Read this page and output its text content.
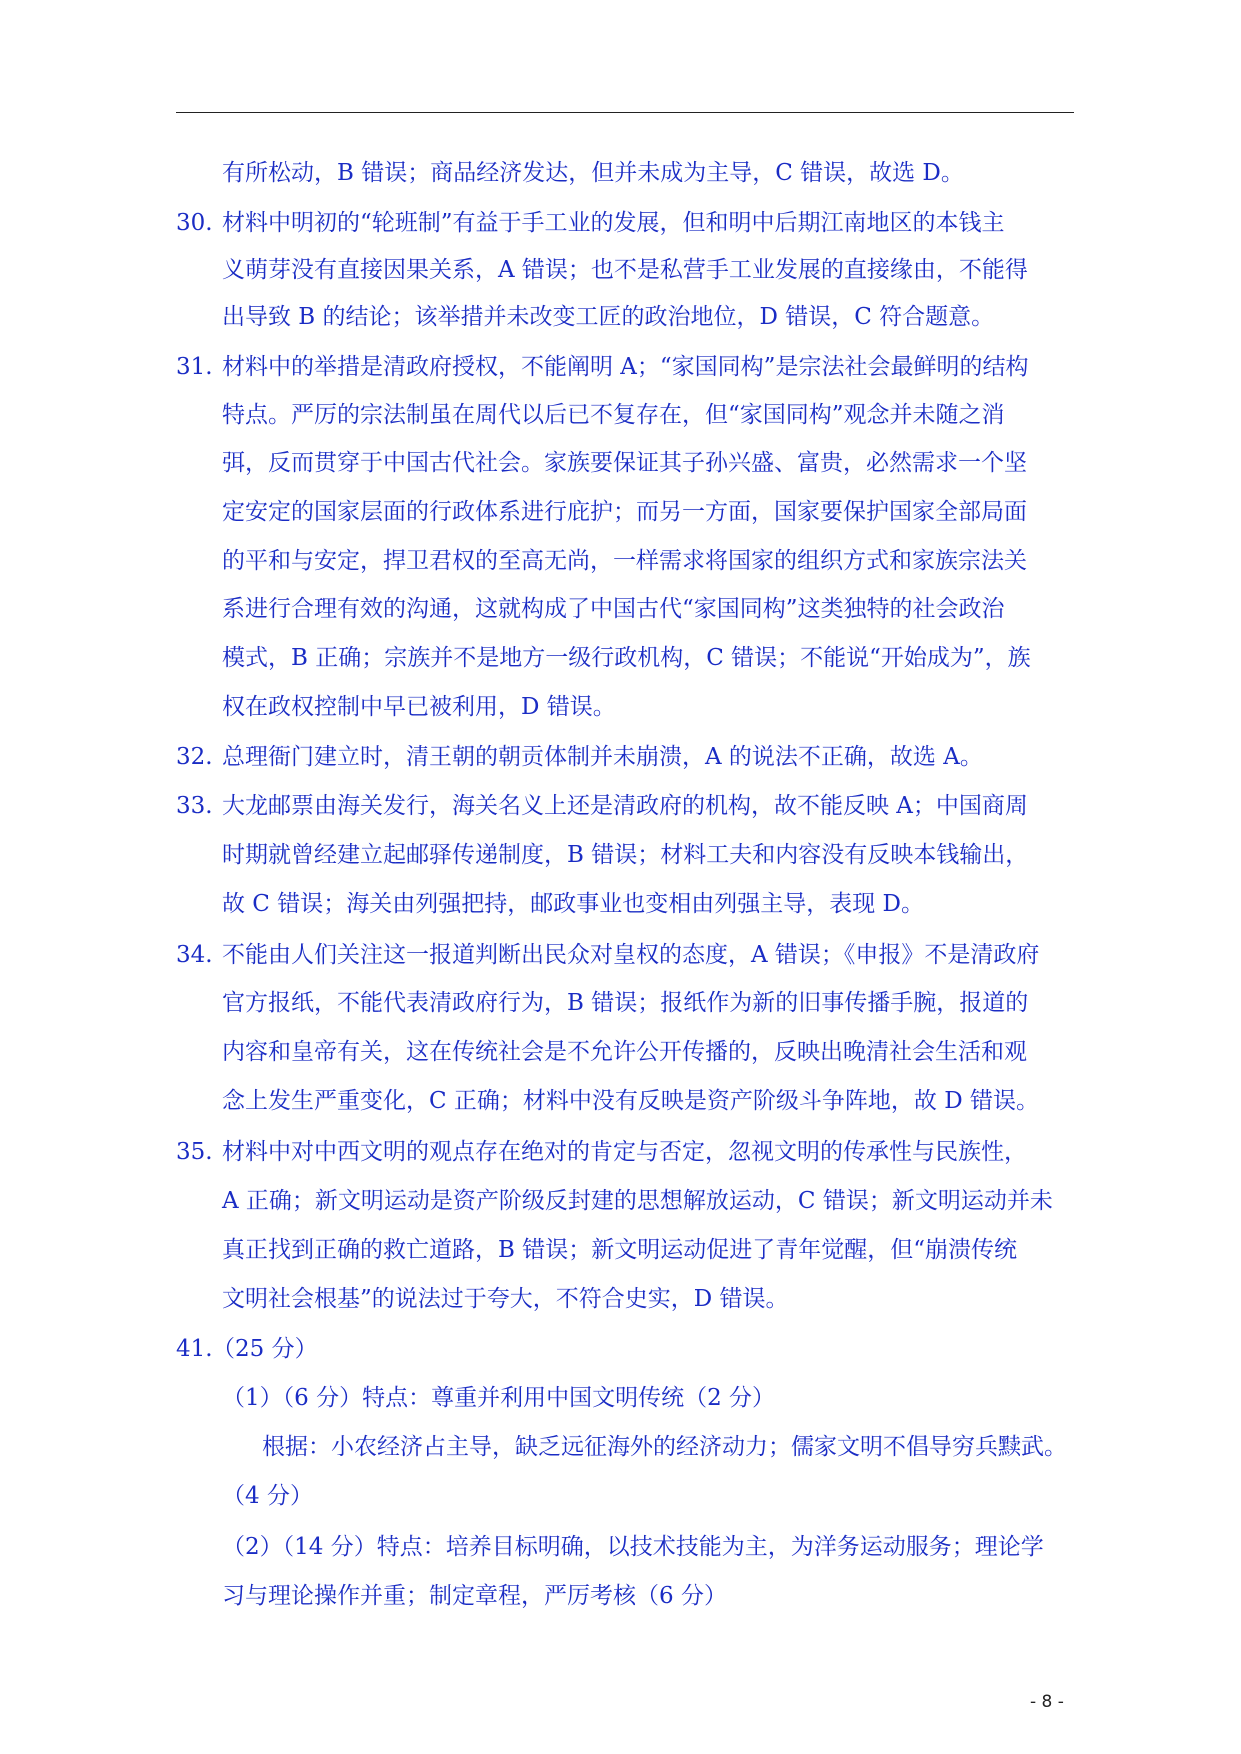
有所松动，B 错误；商品经济发达，但并未成为主导，C 错误，故选 D。
30. 材料中明初的“轮班制”有益于手工业的发展，但和明中后期江南地区的本钱主
义萌芽没有直接因果关系，A 错误；也不是私营手工业发展的直接缘由，不能得
出导致 B 的结论；该举措并未改变工匠的政治地位，D 错误，C 符合题意。
31. 材料中的举措是清政府授权，不能阐明 A；“家国同构”是宗法社会最鲜明的结构
特点。严厉的宗法制虽在周代以后已不复存在，但“家国同构”观念并未随之消
弭，反而贯穿于中国古代社会。家族要保证其子孙兴盛、富贵，必然需求一个坚
定安定的国家层面的行政体系进行庇护；而另一方面，国家要保护国家全部局面
的平和与安定，捍卫君权的至高无尚，一样需求将国家的组织方式和家族宗法关
系进行合理有效的沟通，这就构成了中国古代“家国同构”这类独特的社会政治
模式，B 正确；宗族并不是地方一级行政机构，C 错误；不能说“开始成为”，族
权在政权控制中早已被利用，D 错误。
32. 总理衙门建立时，清王朝的朝贡体制并未崩溃，A 的说法不正确，故选 A。
33. 大龙邮票由海关发行，海关名义上还是清政府的机构，故不能反映 A；中国商周
时期就曾经建立起邮驿传递制度，B 错误；材料工夫和内容没有反映本钱输出，
故 C 错误；海关由列强把持，邮政事业也变相由列强主导，表现 D。
34. 不能由人们关注这一报道判断出民众对皇权的态度，A 错误；《申报》不是清政府
官方报纸，不能代表清政府行为，B 错误；报纸作为新的旧事传播手腕，报道的
内容和皇帝有关，这在传统社会是不允许公开传播的，反映出晚清社会生活和观
念上发生严重变化，C 正确；材料中没有反映是资产阶级斗争阵地，故 D 错误。
35. 材料中对中西文明的观点存在绝对的肯定与否定，忽视文明的传承性与民族性，
A 正确；新文明运动是资产阶级反封建的思想解放运动，C 错误；新文明运动并未
真正找到正确的救亡道路，B 错误；新文明运动促进了青年觉醒，但“崩溃传统
文明社会根基”的说法过于夸大，不符合史实，D 错误。
41. （25 分）
（1）（6 分）特点：尊重并利用中国文明传统（2 分）
根据：小农经济占主导，缺乏远征海外的经济动力；儒家文明不倡导穷兵黩武。
（4 分）
（2）（14 分）特点：培养目标明确，以技术技能为主，为洋务运动服务；理论学
习与理论操作并重；制定章程，严厉考核（6 分）
- 8 -
